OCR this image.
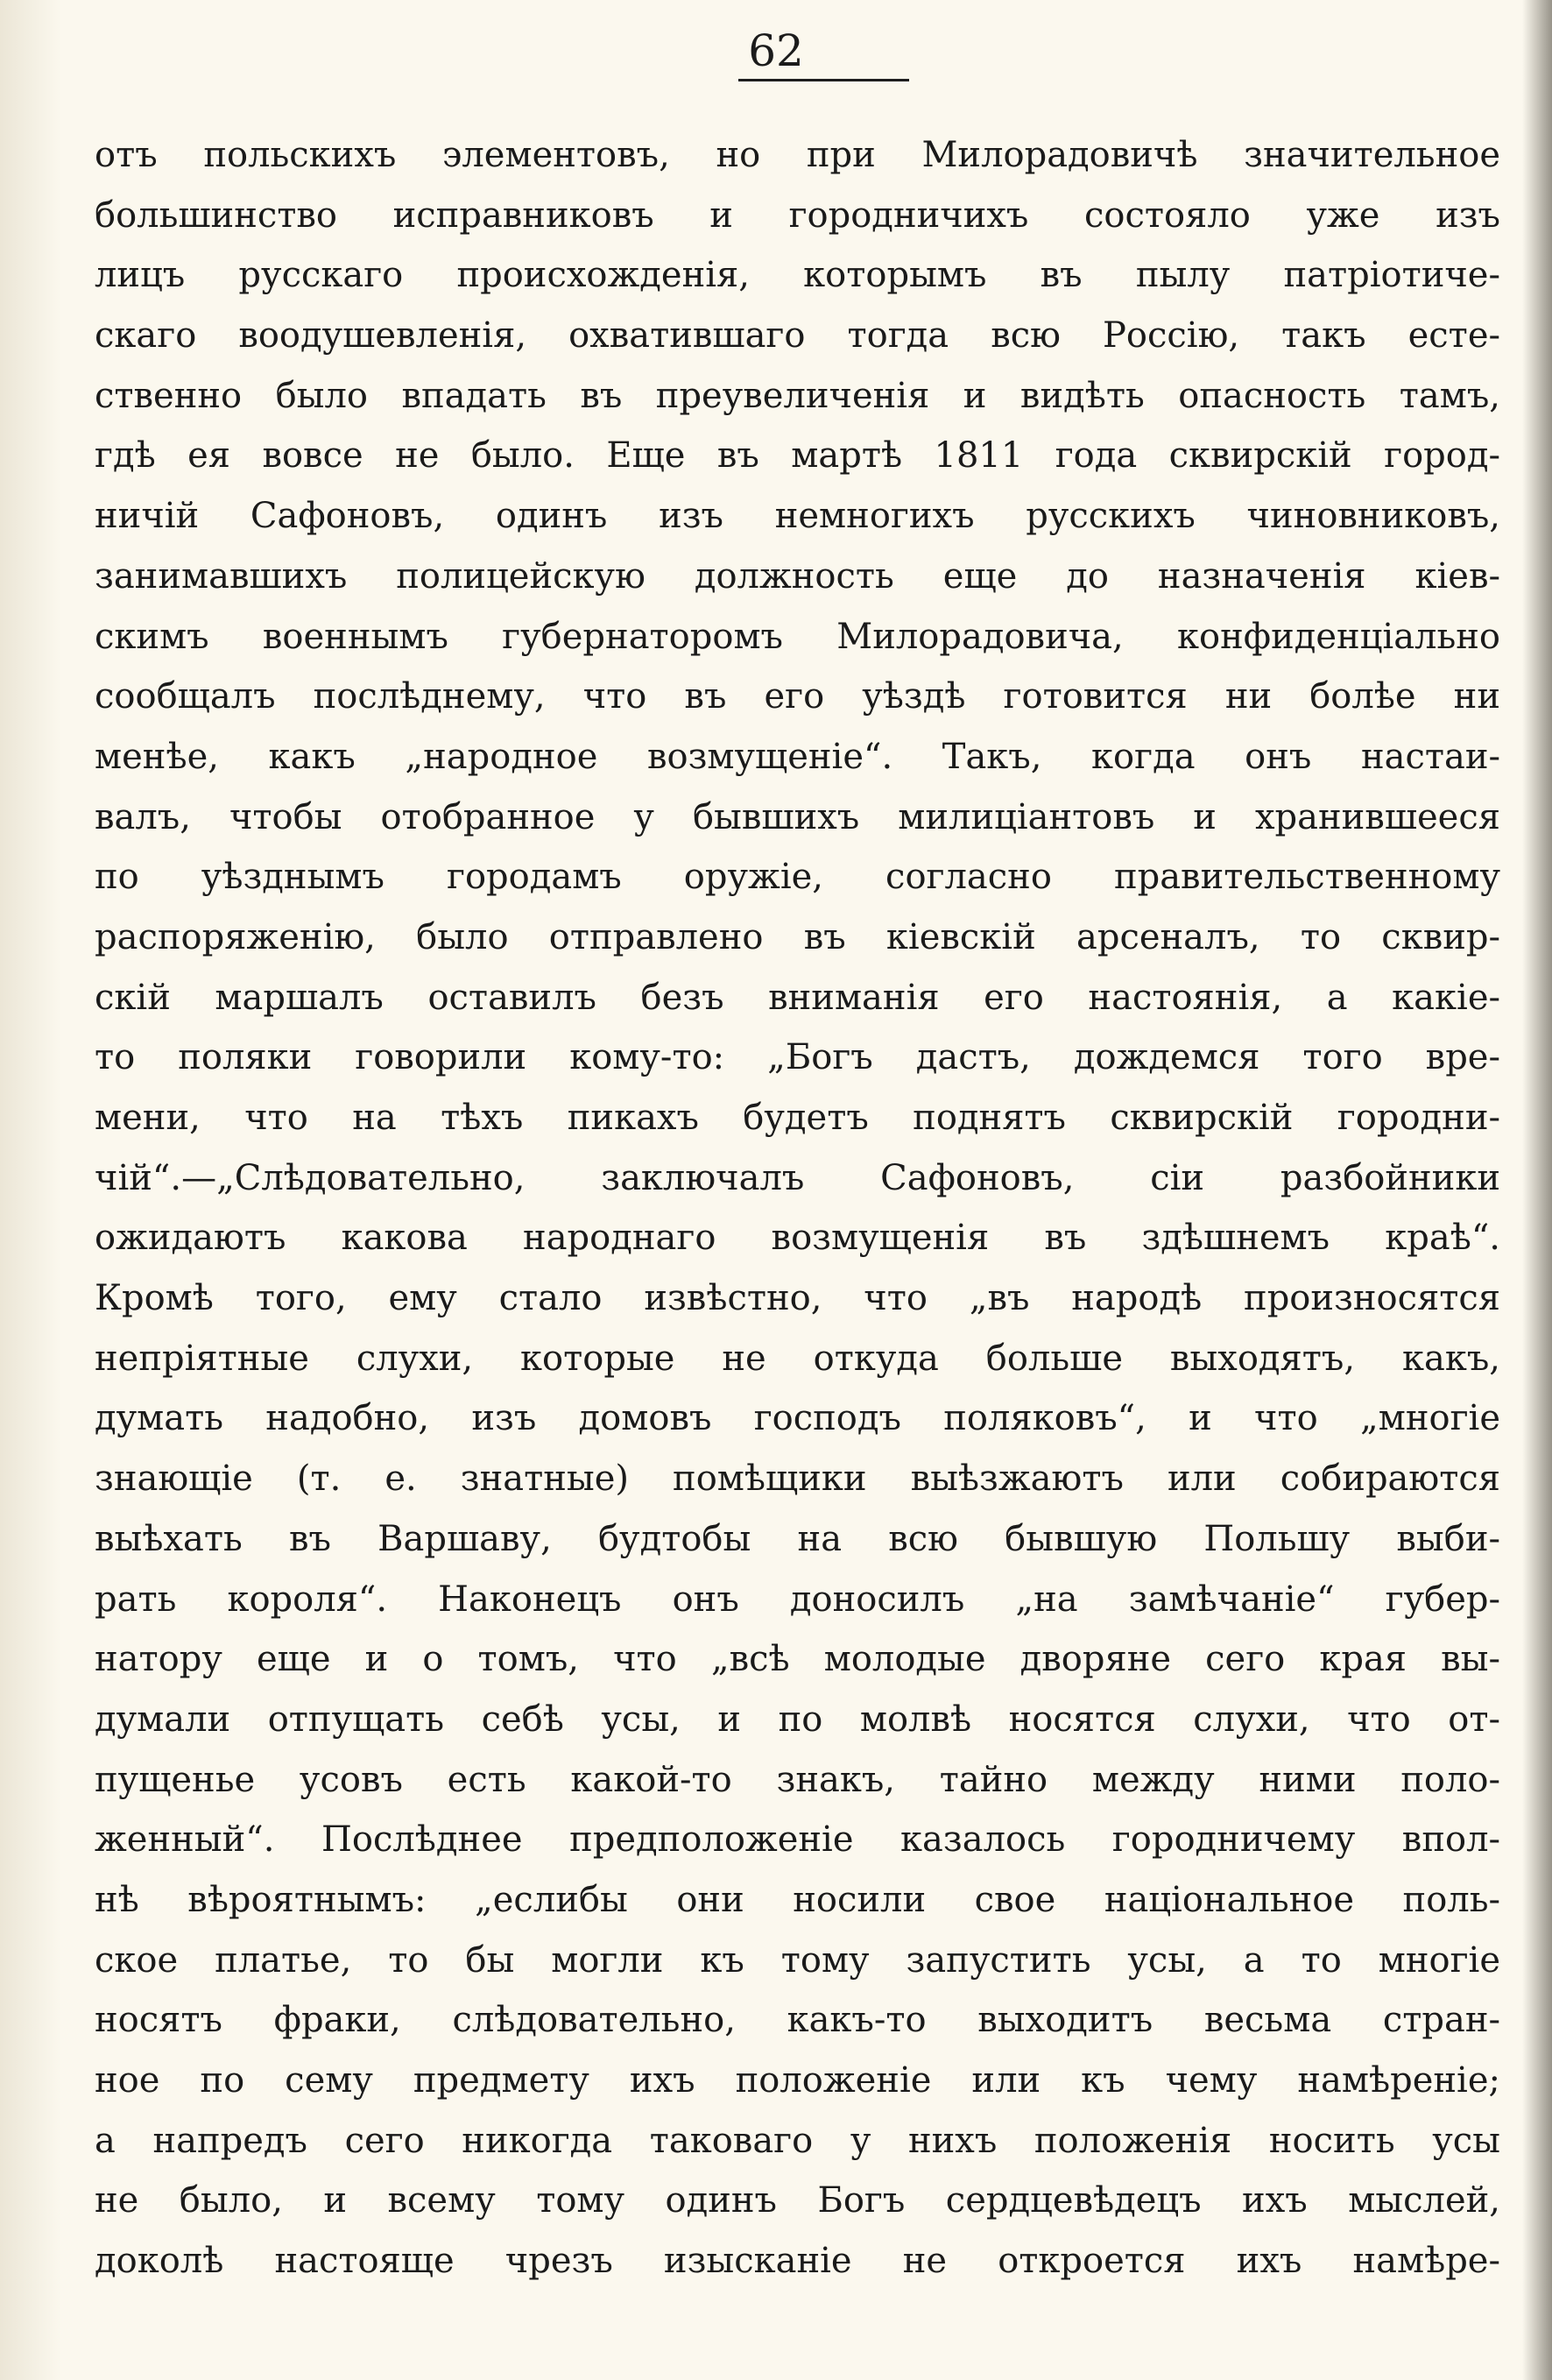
62
отъ польскихъ элементовъ, но при Милорадовичѣ значительное
большинство исправниковъ и городничихъ состояло уже изъ
лицъ русскаго происхожденія, которымъ въ пылу патріотиче-
скаго воодушевленія, охватившаго тогда всю Россію, такъ есте-
ственно было впадать въ преувеличенія и видѣть опасность тамъ,
гдѣ ея вовсе не было. Еще въ мартѣ 1811 года сквирскій город-
ничій Сафоновъ, одинъ изъ немногихъ русскихъ чиновниковъ,
занимавшихъ полицейскую должность еще до назначенія кіев-
скимъ военнымъ губернаторомъ Милорадовича, конфиденціально
сообщалъ послѣднему, что въ его уѣздѣ готовится ни болѣе ни
менѣе, какъ „народное возмущеніе“. Такъ, когда онъ настаи-
валъ, чтобы отобранное у бывшихъ милиціантовъ и хранившееся
по уѣзднымъ городамъ оружіе, согласно правительственному
распоряженію, было отправлено въ кіевскій арсеналъ, то сквир-
скій маршалъ оставилъ безъ вниманія его настоянія, а какіе-
то поляки говорили кому-то: „Богъ дастъ, дождемся того вре-
мени, что на тѣхъ пикахъ будетъ поднятъ сквирскій городни-
чій“.—„Слѣдовательно, заключалъ Сафоновъ, сіи разбойники
ожидаютъ какова народнаго возмущенія въ здѣшнемъ краѣ“.
Кромѣ того, ему стало извѣстно, что „въ народѣ произносятся
непріятные слухи, которые не откуда больше выходятъ, какъ,
думать надобно, изъ домовъ господъ поляковъ“, и что „многіе
знающіе (т. е. знатные) помѣщики выѣзжаютъ или собираются
выѣхать въ Варшаву, будтобы на всю бывшую Польшу выби-
рать короля“. Наконецъ онъ доносилъ „на замѣчаніе“ губер-
натору еще и о томъ, что „всѣ молодые дворяне сего края вы-
думали отпущать себѣ усы, и по молвѣ носятся слухи, что от-
пущенье усовъ есть какой-то знакъ, тайно между ними поло-
женный“. Послѣднее предположеніе казалось городничему впол-
нѣ вѣроятнымъ: „еслибы они носили свое національное поль-
ское платье, то бы могли къ тому запустить усы, а то многіе
носятъ фраки, слѣдовательно, какъ-то выходитъ весьма стран-
ное по сему предмету ихъ положеніе или къ чему намѣреніе;
а напредъ сего никогда таковаго у нихъ положенія носить усы
не было, и всему тому одинъ Богъ сердцевѣдецъ ихъ мыслей,
доколѣ настояще чрезъ изысканіе не откроется ихъ намѣре-
